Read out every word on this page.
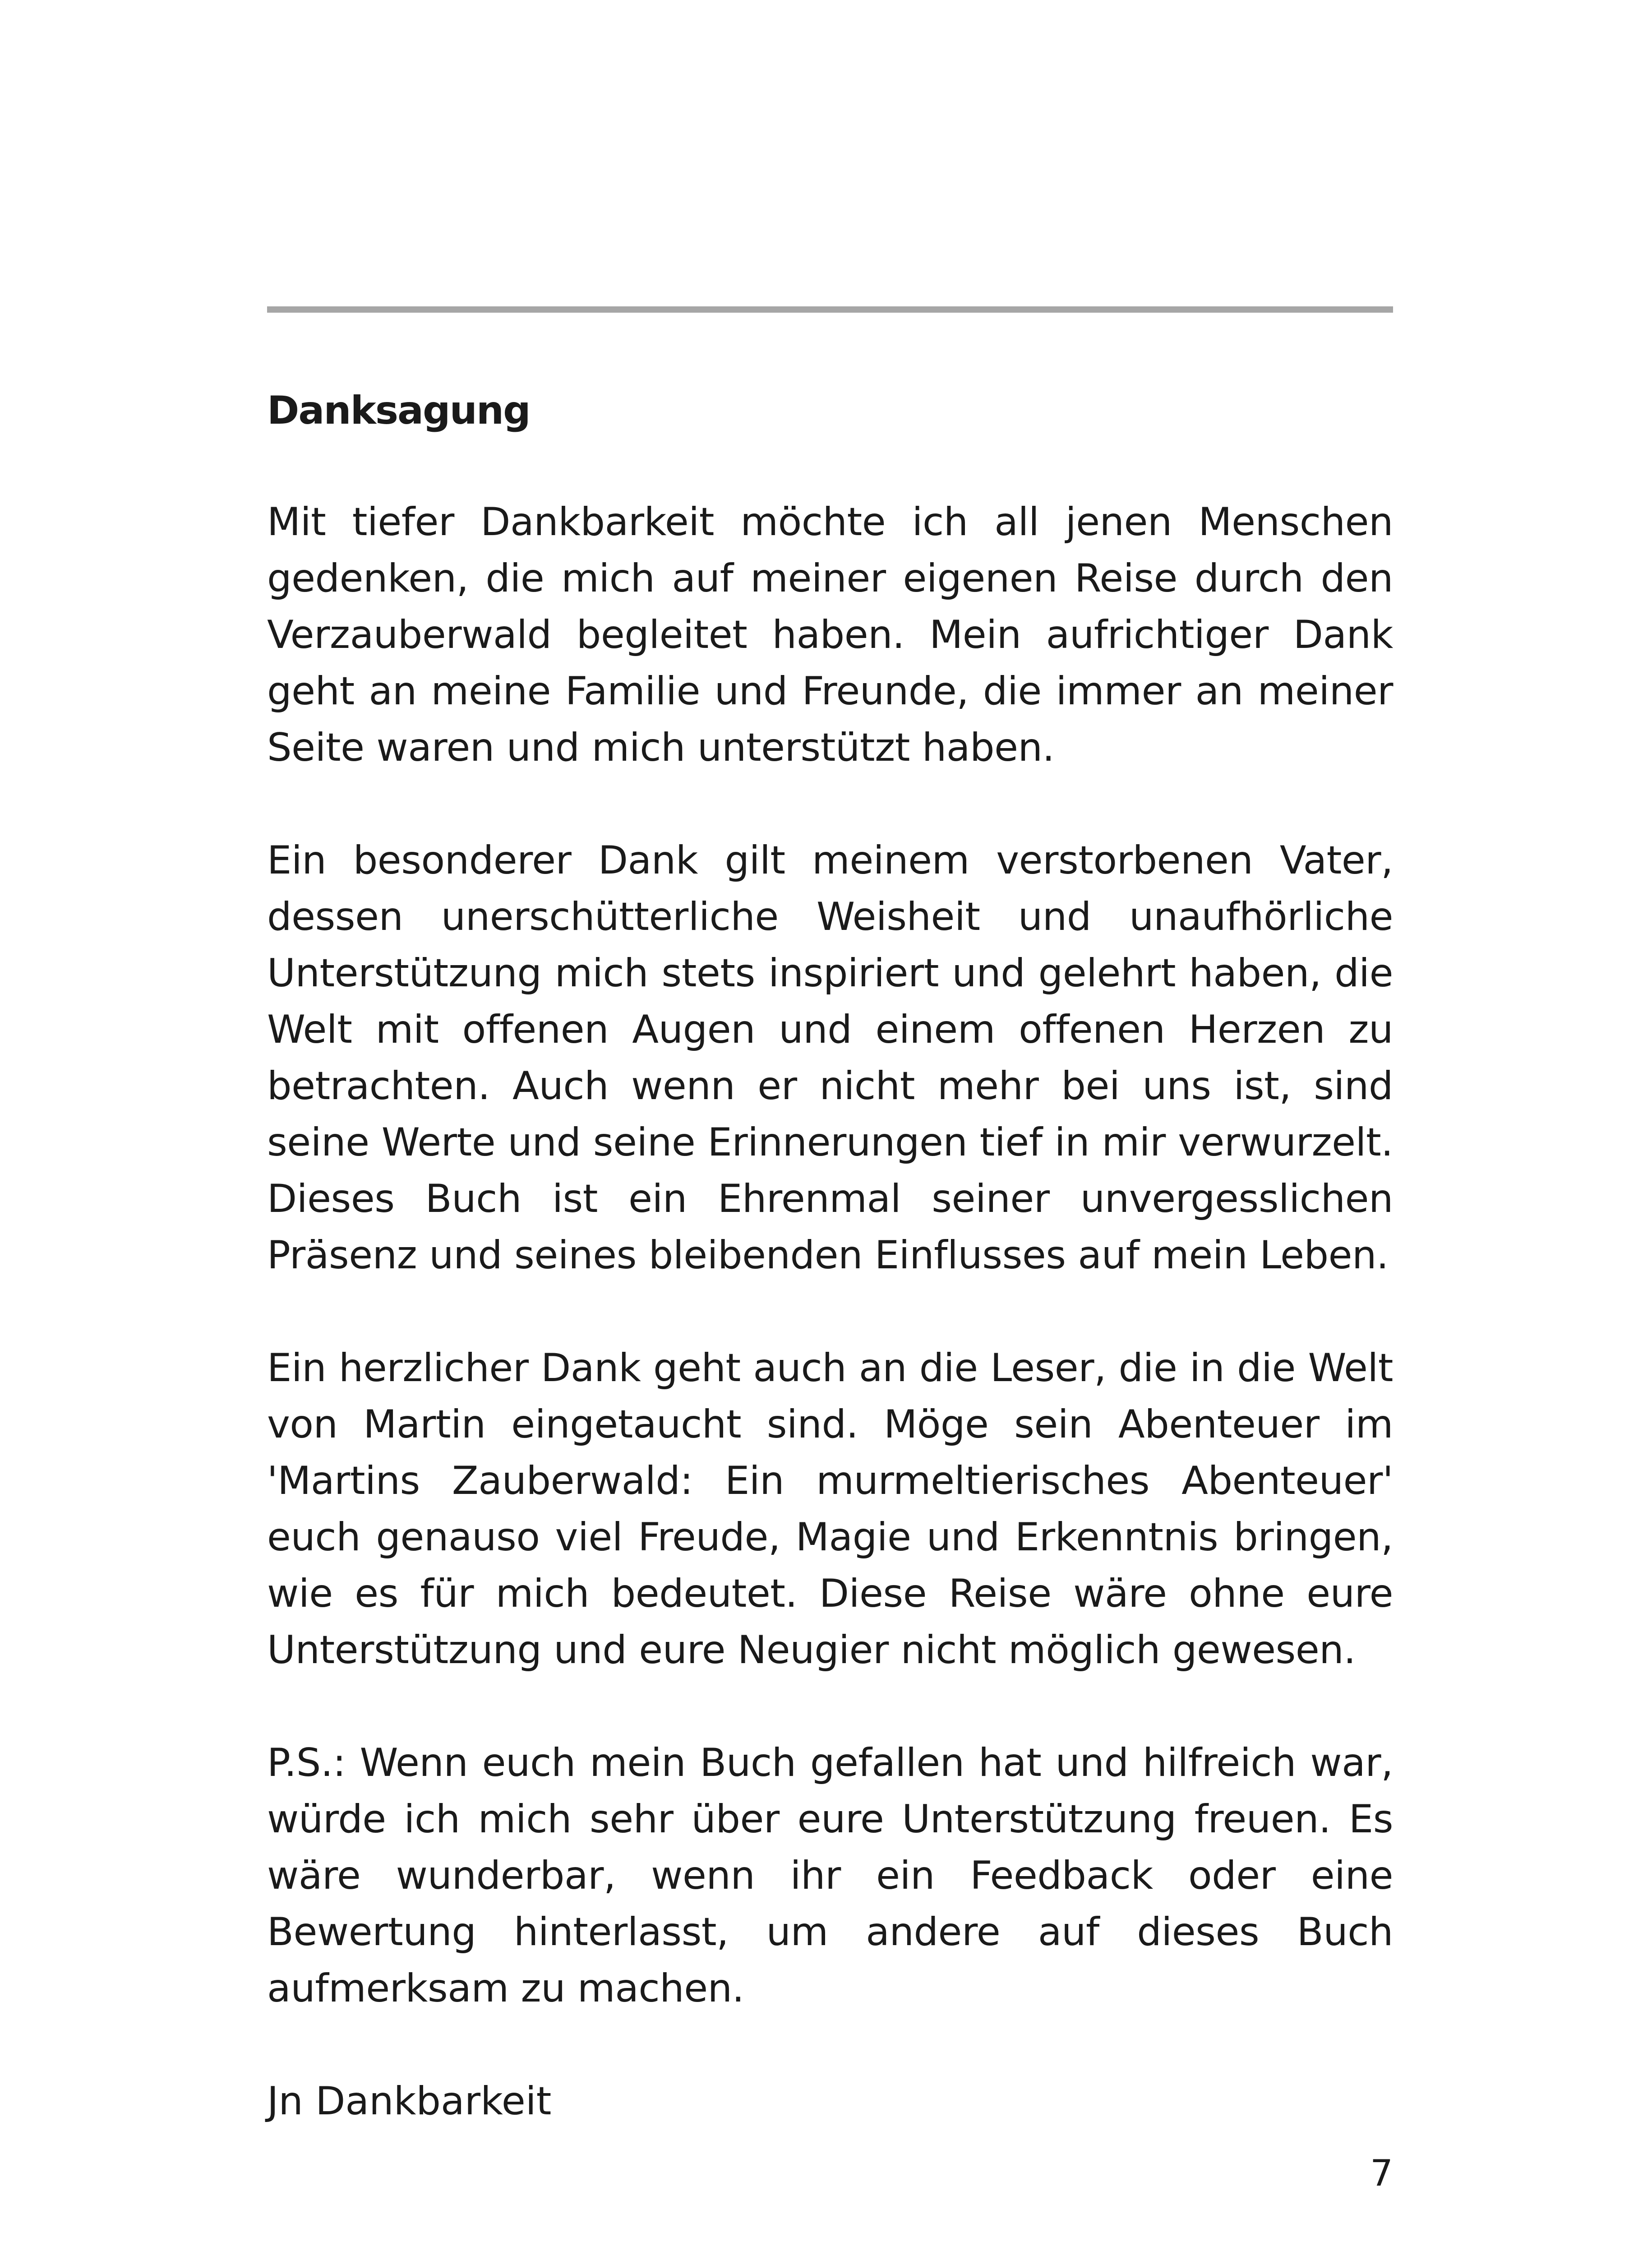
Danksagung

Mit tiefer Dankbarkeit möchte ich all jenen Menschen gedenken, die mich auf meiner eigenen Reise durch den Verzauberwald begleitet haben. Mein aufrichtiger Dank geht an meine Familie und Freunde, die immer an meiner Seite waren und mich unterstützt haben.

Ein besonderer Dank gilt meinem verstorbenen Vater, dessen unerschütterliche Weisheit und unaufhörliche Unterstützung mich stets inspiriert und gelehrt haben, die Welt mit offenen Augen und einem offenen Herzen zu betrachten. Auch wenn er nicht mehr bei uns ist, sind seine Werte und seine Erinnerungen tief in mir verwurzelt. Dieses Buch ist ein Ehrenmal seiner unvergesslichen Präsenz und seines bleibenden Einflusses auf mein Leben.

Ein herzlicher Dank geht auch an die Leser, die in die Welt von Martin eingetaucht sind. Möge sein Abenteuer im 'Martins Zauberwald: Ein murmeltierisches Abenteuer' euch genauso viel Freude, Magie und Erkenntnis bringen, wie es für mich bedeutet. Diese Reise wäre ohne eure Unterstützung und eure Neugier nicht möglich gewesen.

P.S.: Wenn euch mein Buch gefallen hat und hilfreich war, würde ich mich sehr über eure Unterstützung freuen. Es wäre wunderbar, wenn ihr ein Feedback oder eine Bewertung hinterlasst, um andere auf dieses Buch aufmerksam zu machen.

Jn Dankbarkeit

7
